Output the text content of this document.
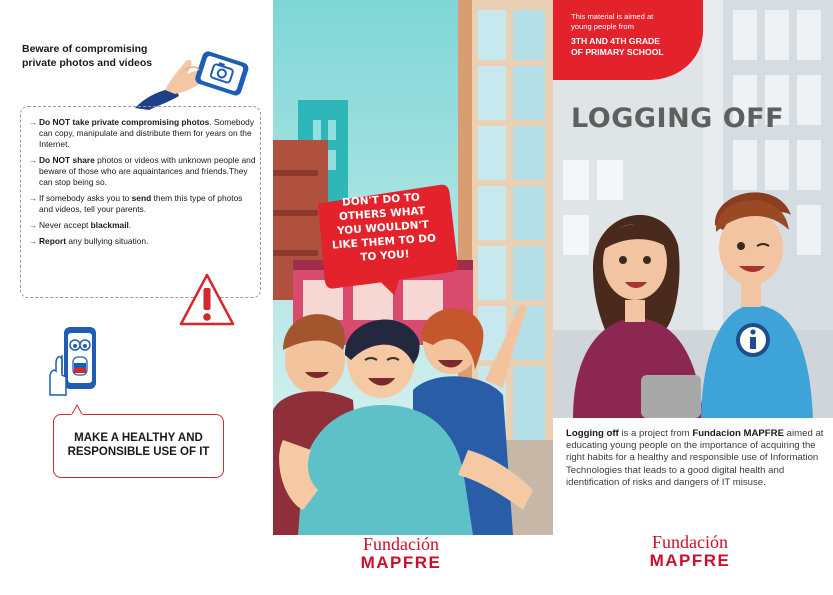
Beware of compromising
private photos and videos
→ Do NOT take private compromising photos. Somebody can copy, manipulate and distribute them for years on the Internet.
→ Do NOT share photos or videos with unknown people and beware of those who are aquaintances and friends.They can stop being so.
→ If somebody asks you to send them this type of photos and videos, tell your parents.
→ Never accept blackmail.
→ Report any bullying situation.
MAKE A HEALTHY AND
RESPONSIBLE USE OF IT
DON'T DO TO
OTHERS WHAT
YOU WOULDN'T
LIKE THEM TO DO
TO YOU!
Fundación
MAPFRE
This material is aimed at
young people from
3TH AND 4TH GRADE
OF PRIMARY SCHOOL
LOGGING OFF
Logging off is a project from Fundacion MAPFRE aimed at educating young people on the importance of acquiring the right habits for a healthy and responsible use of Information Technologies that leads to a good digital health and identification of risks and dangers of IT misuse.
Fundación
MAPFRE
